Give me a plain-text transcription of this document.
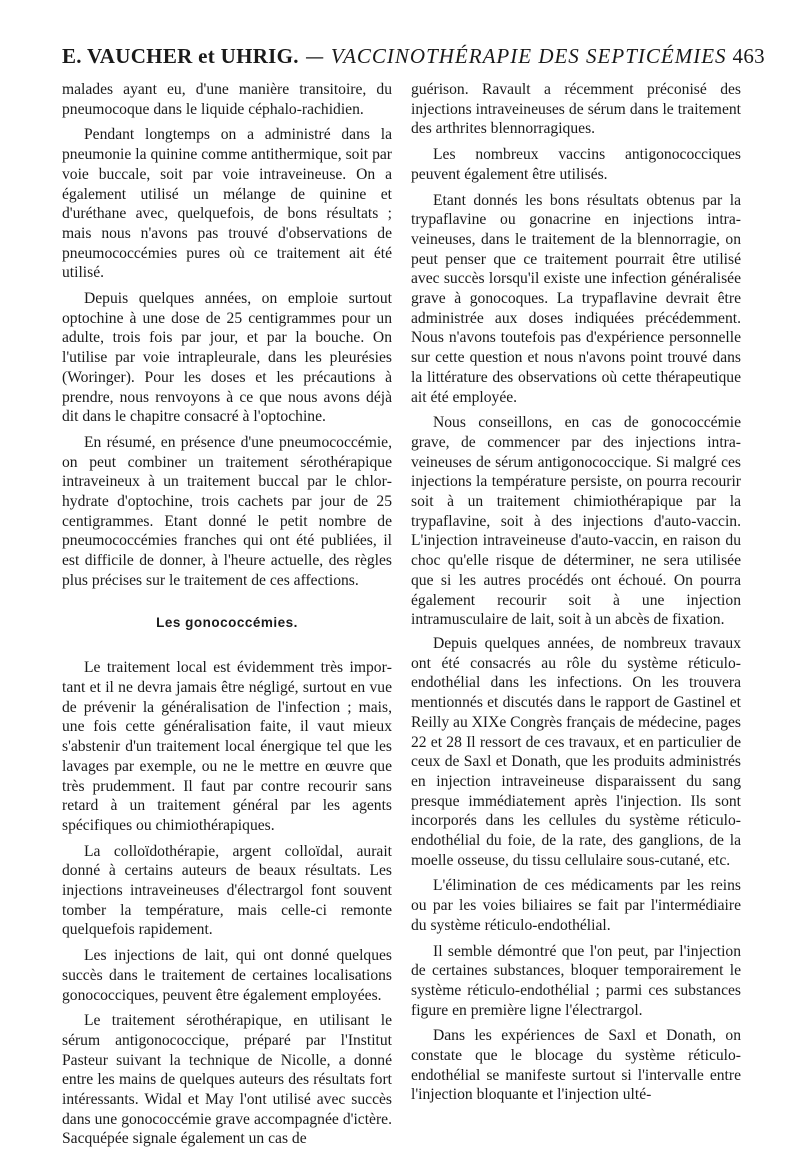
E. VAUCHER et UHRIG. — VACCINOTHÉRAPIE DES SEPTICÉMIES 463

malades ayant eu, d'une manière transitoire, du pneumocoque dans le liquide céphalo-rachidien.

Pendant longtemps on a administré dans la pneumonie la quinine comme antithermique, soit par voie buccale, soit par voie intraveineuse. On a également utilisé un mélange de quinine et d'uréthane avec, quelquefois, de bons résultats ; mais nous n'avons pas trouvé d'observations de pneumococcémies pures où ce traitement ait été utilisé.

Depuis quelques années, on emploie surtout optochine à une dose de 25 centigrammes pour un adulte, trois fois par jour, et par la bouche. On l'utilise par voie intrapleurale, dans les pleurésies (Woringer). Pour les doses et les précautions à prendre, nous renvoyons à ce que nous avons déjà dit dans le chapitre consacré à l'optochine.

En résumé, en présence d'une pneumococcémie, on peut combiner un traitement sérothérapique intraveineux à un traitement buccal par le chlorhydrate d'optochine, trois cachets par jour de 25 centigrammes. Etant donné le petit nombre de pneumococcémies franches qui ont été publiées, il est difficile de donner, à l'heure actuelle, des règles plus précises sur le traitement de ces affections.

Les gonococcémies.

Le traitement local est évidemment très important et il ne devra jamais être négligé, surtout en vue de prévenir la généralisation de l'infection ; mais, une fois cette généralisation faite, il vaut mieux s'abstenir d'un traitement local énergique tel que les lavages par exemple, ou ne le mettre en œuvre que très prudemment. Il faut par contre recourir sans retard à un traitement général par les agents spécifiques ou chimiothérapiques.

La colloïdothérapie, argent colloïdal, aurait donné à certains auteurs de beaux résultats. Les injections intraveineuses d'électrargol font souvent tomber la température, mais celle-ci remonte quelquefois rapidement.

Les injections de lait, qui ont donné quelques succès dans le traitement de certaines localisations gonococciques, peuvent être également employées.

Le traitement sérothérapique, en utilisant le sérum antigonococcique, préparé par l'Institut Pasteur suivant la technique de Nicolle, a donné entre les mains de quelques auteurs des résultats fort intéressants. Widal et May l'ont utilisé avec succès dans une gonococcémie grave accompagnée d'ictère. Sacquépée signale également un cas de

guérison. Ravault a récemment préconisé des injections intraveineuses de sérum dans le traitement des arthrites blennorragiques.

Les nombreux vaccins antigonococciques peuvent également être utilisés.

Etant donnés les bons résultats obtenus par la trypaflavine ou gonacrine en injections intraveineuses, dans le traitement de la blennorragie, on peut penser que ce traitement pourrait être utilisé avec succès lorsqu'il existe une infection généralisée grave à gonocoques. La trypaflavine devrait être administrée aux doses indiquées précédemment. Nous n'avons toutefois pas d'expérience personnelle sur cette question et nous n'avons point trouvé dans la littérature des observations où cette thérapeutique ait été employée.

Nous conseillons, en cas de gonococcémie grave, de commencer par des injections intraveineuses de sérum antigonococcique. Si malgré ces injections la température persiste, on pourra recourir soit à un traitement chimiothérapique par la trypaflavine, soit à des injections d'auto-vaccin. L'injection intraveineuse d'auto-vaccin, en raison du choc qu'elle risque de déterminer, ne sera utilisée que si les autres procédés ont échoué. On pourra également recourir soit à une injection intramusculaire de lait, soit à un abcès de fixation.

Depuis quelques années, de nombreux travaux ont été consacrés au rôle du système réticulo-endothélial dans les infections. On les trouvera mentionnés et discutés dans le rapport de Gastinel et Reilly au XIXe Congrès français de médecine, pages 22 et 28 Il ressort de ces travaux, et en particulier de ceux de Saxl et Donath, que les produits administrés en injection intraveineuse disparaissent du sang presque immédiatement après l'injection. Ils sont incorporés dans les cellules du système réticulo-endothélial du foie, de la rate, des ganglions, de la moelle osseuse, du tissu cellulaire sous-cutané, etc.

L'élimination de ces médicaments par les reins ou par les voies biliaires se fait par l'intermédiaire du système réticulo-endothélial.

Il semble démontré que l'on peut, par l'injection de certaines substances, bloquer temporairement le système réticulo-endothélial ; parmi ces substances figure en première ligne l'électrargol.

Dans les expériences de Saxl et Donath, on constate que le blocage du système réticulo-endothélial se manifeste surtout si l'intervalle entre l'injection bloquante et l'injection ulté-
